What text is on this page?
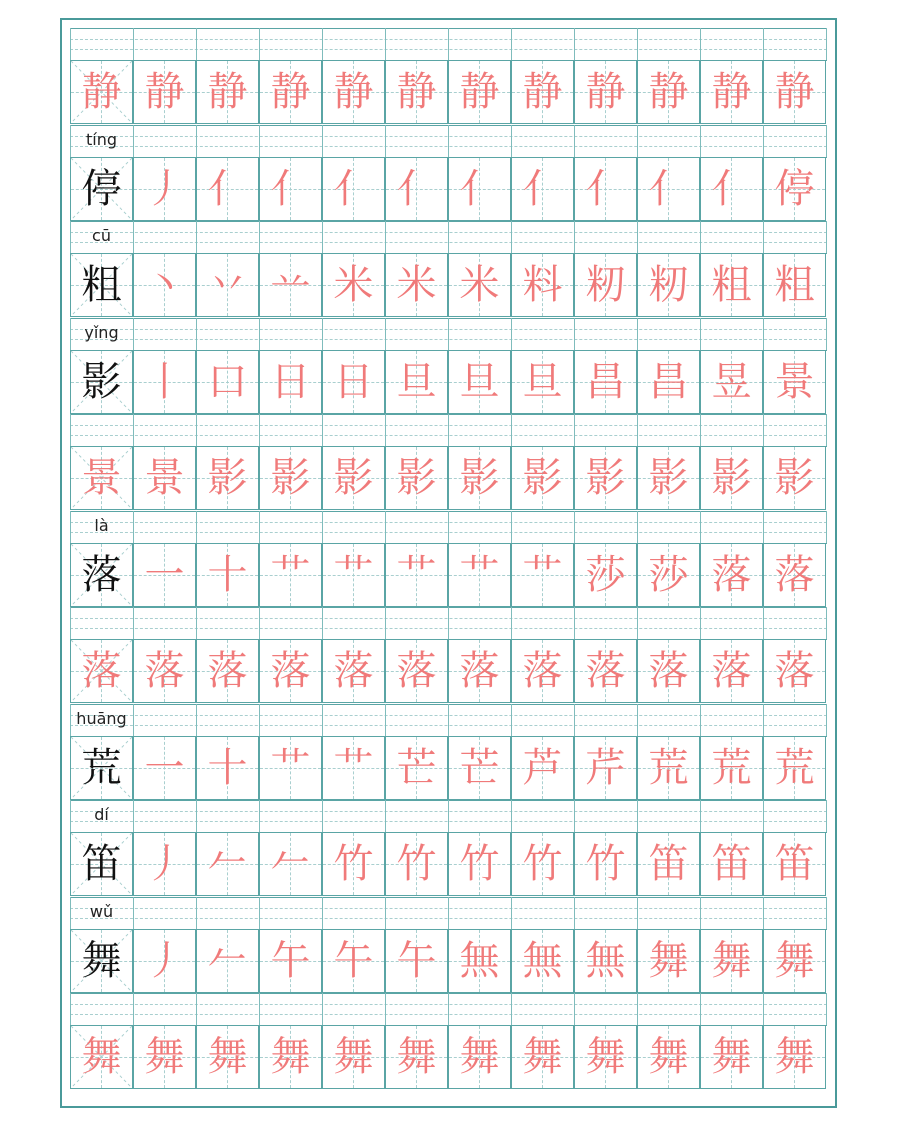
静 静 静 静 静 静 静 静 静 静 静 静
tíng
停 丿 亻 亻 亻 亻 亻 亻 亻 亻 亻 停
cū
粗 丶 丷 䒑 米 米 米 料 籾 籾 粗 粗
yǐng
影 丨 口 日 日 旦 旦 旦 昌 昌 昱 景
景 景 影 影 影 影 影 影 影 影 影 影
là
落 一 十 艹 艹 艹 艹 艹 莎 莎 落 落
落 落 落 落 落 落 落 落 落 落 落 落
huāng
荒 一 十 艹 艹 芒 芒 芦 芹 荒 荒 荒
dí
笛 丿 𠂉 𠂉 竹 竹 竹 竹 竹 笛 笛 笛
wǔ
舞 丿 𠂉 午 午 午 無 無 無 舞 舞 舞
舞 舞 舞 舞 舞 舞 舞 舞 舞 舞 舞 舞
